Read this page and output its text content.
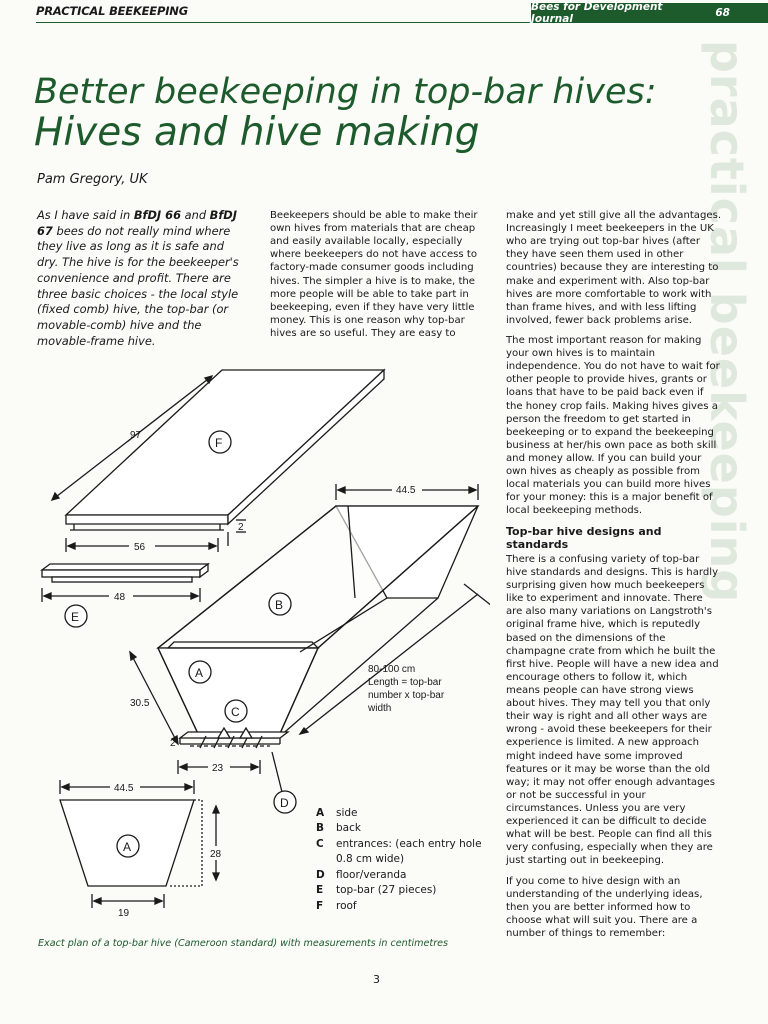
PRACTICAL BEEKEEPING	Bees for Development Journal	68
practical beekeeping
Better beekeeping in top-bar hives:
Hives and hive making
Pam Gregory, UK
As I have said in BfDJ 66 and BfDJ 67 bees do not really mind where they live as long as it is safe and dry. The hive is for the beekeeper's convenience and profit. There are three basic choices - the local style (fixed comb) hive, the top-bar (or movable-comb) hive and the movable-frame hive.

Beekeepers should be able to make their own hives from materials that are cheap and easily available locally, especially where beekeepers do not have access to factory-made consumer goods including hives. The simpler a hive is to make, the more people will be able to take part in beekeeping, even if they have very little money. This is one reason why top-bar hives are so useful. They are easy to

make and yet still give all the advantages. Increasingly I meet beekeepers in the UK who are trying out top-bar hives (after they have seen them used in other countries) because they are interesting to make and experiment with. Also top-bar hives are more comfortable to work with than frame hives, and with less lifting involved, fewer back problems arise.

The most important reason for making your own hives is to maintain independence. You do not have to wait for other people to provide hives, grants or loans that have to be paid back even if the honey crop fails. Making hives gives a person the freedom to get started in beekeeping or to expand the beekeeping business at her/his own pace as both skill and money allow. If you can build your own hives as cheaply as possible from local materials you can build more hives for your money: this is a major benefit of local beekeeping methods.

Top-bar hive designs and standards

There is a confusing variety of top-bar hive standards and designs. This is hardly surprising given how much beekeepers like to experiment and innovate. There are also many variations on Langstroth's original frame hive, which is reputedly based on the dimensions of the champagne crate from which he built the first hive. People will have a new idea and encourage others to follow it, which means people can have strong views about hives. They may tell you that only their way is right and all other ways are wrong - avoid these beekeepers for their experience is limited. A new approach might indeed have some improved features or it may be worse than the old way; it may not offer enough advantages or not be successful in your circumstances. Unless you are very experienced it can be difficult to decide what will be best. People can find all this very confusing, especially when they are just starting out in beekeeping.

If you come to hive design with an understanding of the underlying ideas, then you are better informed how to choose what will suit you. There are a number of things to remember:

97
F
56
2
48
E
44.5
B
A
C
80-100 cm
Length = top-bar
number x top-bar
width
30.5
2
23
D
44.5
A
28
19
A	side
B	back
C	entrances: (each entry hole 0.8 cm wide)
D	floor/veranda
E	top-bar (27 pieces)
F	roof
Exact plan of a top-bar hive (Cameroon standard) with measurements in centimetres
3
